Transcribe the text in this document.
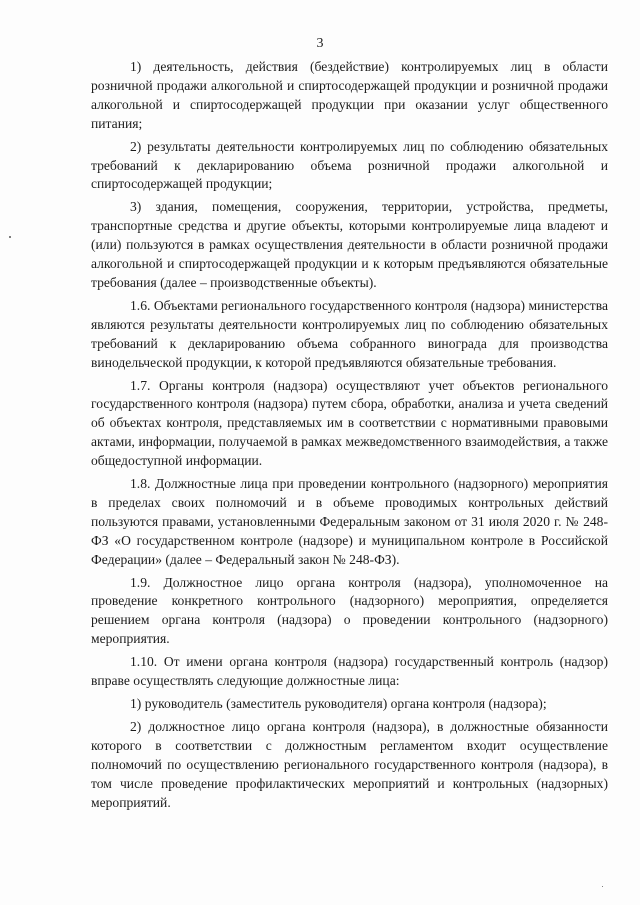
3

1) деятельность, действия (бездействие) контролируемых лиц в области розничной продажи алкогольной и спиртосодержащей продукции и розничной продажи алкогольной и спиртосодержащей продукции при оказании услуг общественного питания;

2) результаты деятельности контролируемых лиц по соблюдению обязательных требований к декларированию объема розничной продажи алкогольной и спиртосодержащей продукции;

3) здания, помещения, сооружения, территории, устройства, предметы, транспортные средства и другие объекты, которыми контролируемые лица владеют и (или) пользуются в рамках осуществления деятельности в области розничной продажи алкогольной и спиртосодержащей продукции и к которым предъявляются обязательные требования (далее – производственные объекты).

1.6. Объектами регионального государственного контроля (надзора) министерства являются результаты деятельности контролируемых лиц по соблюдению обязательных требований к декларированию объема собранного винограда для производства винодельческой продукции, к которой предъявляются обязательные требования.

1.7. Органы контроля (надзора) осуществляют учет объектов регионального государственного контроля (надзора) путем сбора, обработки, анализа и учета сведений об объектах контроля, представляемых им в соответствии с нормативными правовыми актами, информации, получаемой в рамках межведомственного взаимодействия, а также общедоступной информации.

1.8. Должностные лица при проведении контрольного (надзорного) мероприятия в пределах своих полномочий и в объеме проводимых контрольных действий пользуются правами, установленными Федеральным законом от 31 июля 2020 г. № 248-ФЗ «О государственном контроле (надзоре) и муниципальном контроле в Российской Федерации» (далее – Федеральный закон № 248-ФЗ).

1.9. Должностное лицо органа контроля (надзора), уполномоченное на проведение конкретного контрольного (надзорного) мероприятия, определяется решением органа контроля (надзора) о проведении контрольного (надзорного) мероприятия.

1.10. От имени органа контроля (надзора) государственный контроль (надзор) вправе осуществлять следующие должностные лица:

1) руководитель (заместитель руководителя) органа контроля (надзора);

2) должностное лицо органа контроля (надзора), в должностные обязанности которого в соответствии с должностным регламентом входит осуществление полномочий по осуществлению регионального государственного контроля (надзора), в том числе проведение профилактических мероприятий и контрольных (надзорных) мероприятий.
